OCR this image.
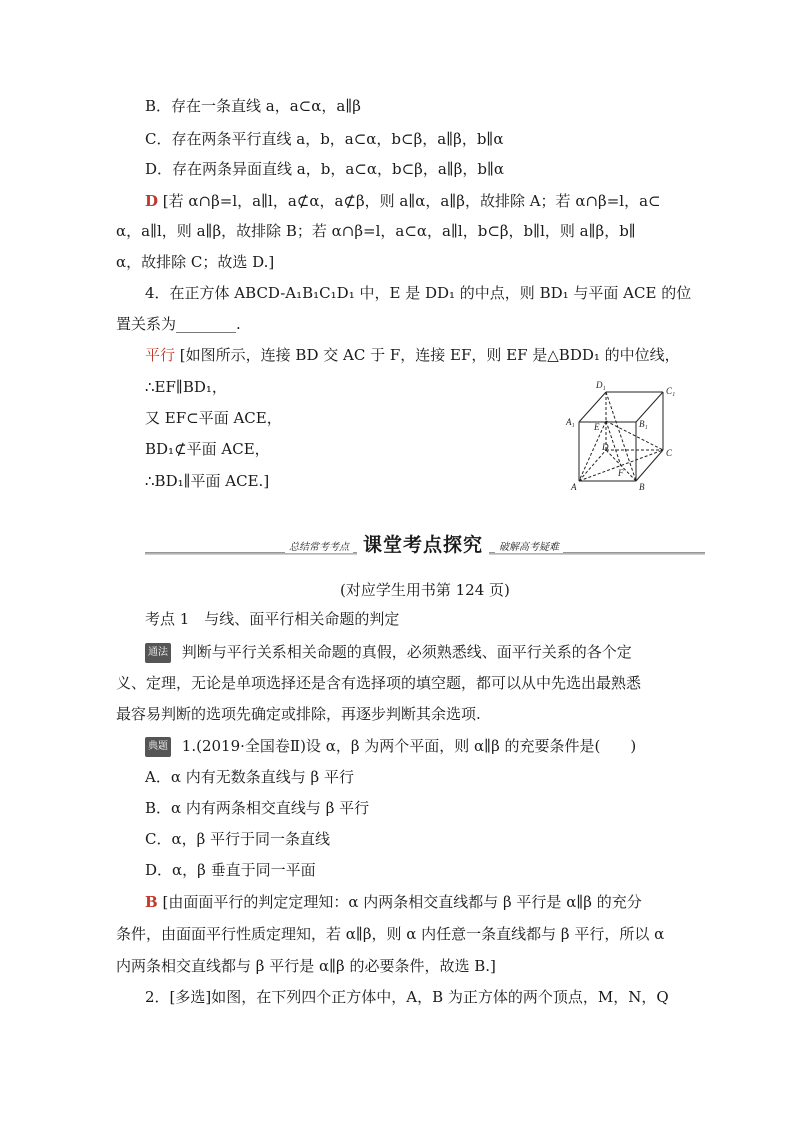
B．存在一条直线 a，a⊂α，a∥β
C．存在两条平行直线 a，b，a⊂α，b⊂β，a∥β，b∥α
D．存在两条异面直线 a，b，a⊂α，b⊂β，a∥β，b∥α
D [若 α∩β=l，a∥l，a⊄α，a⊄β，则 a∥α，a∥β，故排除 A；若 α∩β=l，a⊂
α，a∥l，则 a∥β，故排除 B；若 α∩β=l，a⊂α，a∥l，b⊂β，b∥l，则 a∥β，b∥
α，故排除 C；故选 D.]
4．在正方体 ABCD-A₁B₁C₁D₁ 中，E 是 DD₁ 的中点，则 BD₁ 与平面 ACE 的位
置关系为________.
平行 [如图所示，连接 BD 交 AC 于 F，连接 EF，则 EF 是△BDD₁ 的中位线，
∴EF∥BD₁，
又 EF⊂平面 ACE，
BD₁⊄平面 ACE，
∴BD₁∥平面 ACE.]
D₁
C₁
A₁	B₁
E
D
C
A
F
B
总结常考考点 课堂考点探究	破解高考疑难
(对应学生用书第 124 页)
考点 1　与线、面平行相关命题的判定
通法 判断与平行关系相关命题的真假，必须熟悉线、面平行关系的各个定
义、定理，无论是单项选择还是含有选择项的填空题，都可以从中先选出最熟悉
最容易判断的选项先确定或排除，再逐步判断其余选项.
典题 1.(2019·全国卷Ⅱ)设 α，β 为两个平面，则 α∥β 的充要条件是(　　)
A．α 内有无数条直线与 β 平行
B．α 内有两条相交直线与 β 平行
C．α，β 平行于同一条直线
D．α，β 垂直于同一平面
B [由面面平行的判定定理知：α 内两条相交直线都与 β 平行是 α∥β 的充分
条件，由面面平行性质定理知，若 α∥β，则 α 内任意一条直线都与 β 平行，所以 α
内两条相交直线都与 β 平行是 α∥β 的必要条件，故选 B.]
2．[多选]如图，在下列四个正方体中，A，B 为正方体的两个顶点，M，N，Q
